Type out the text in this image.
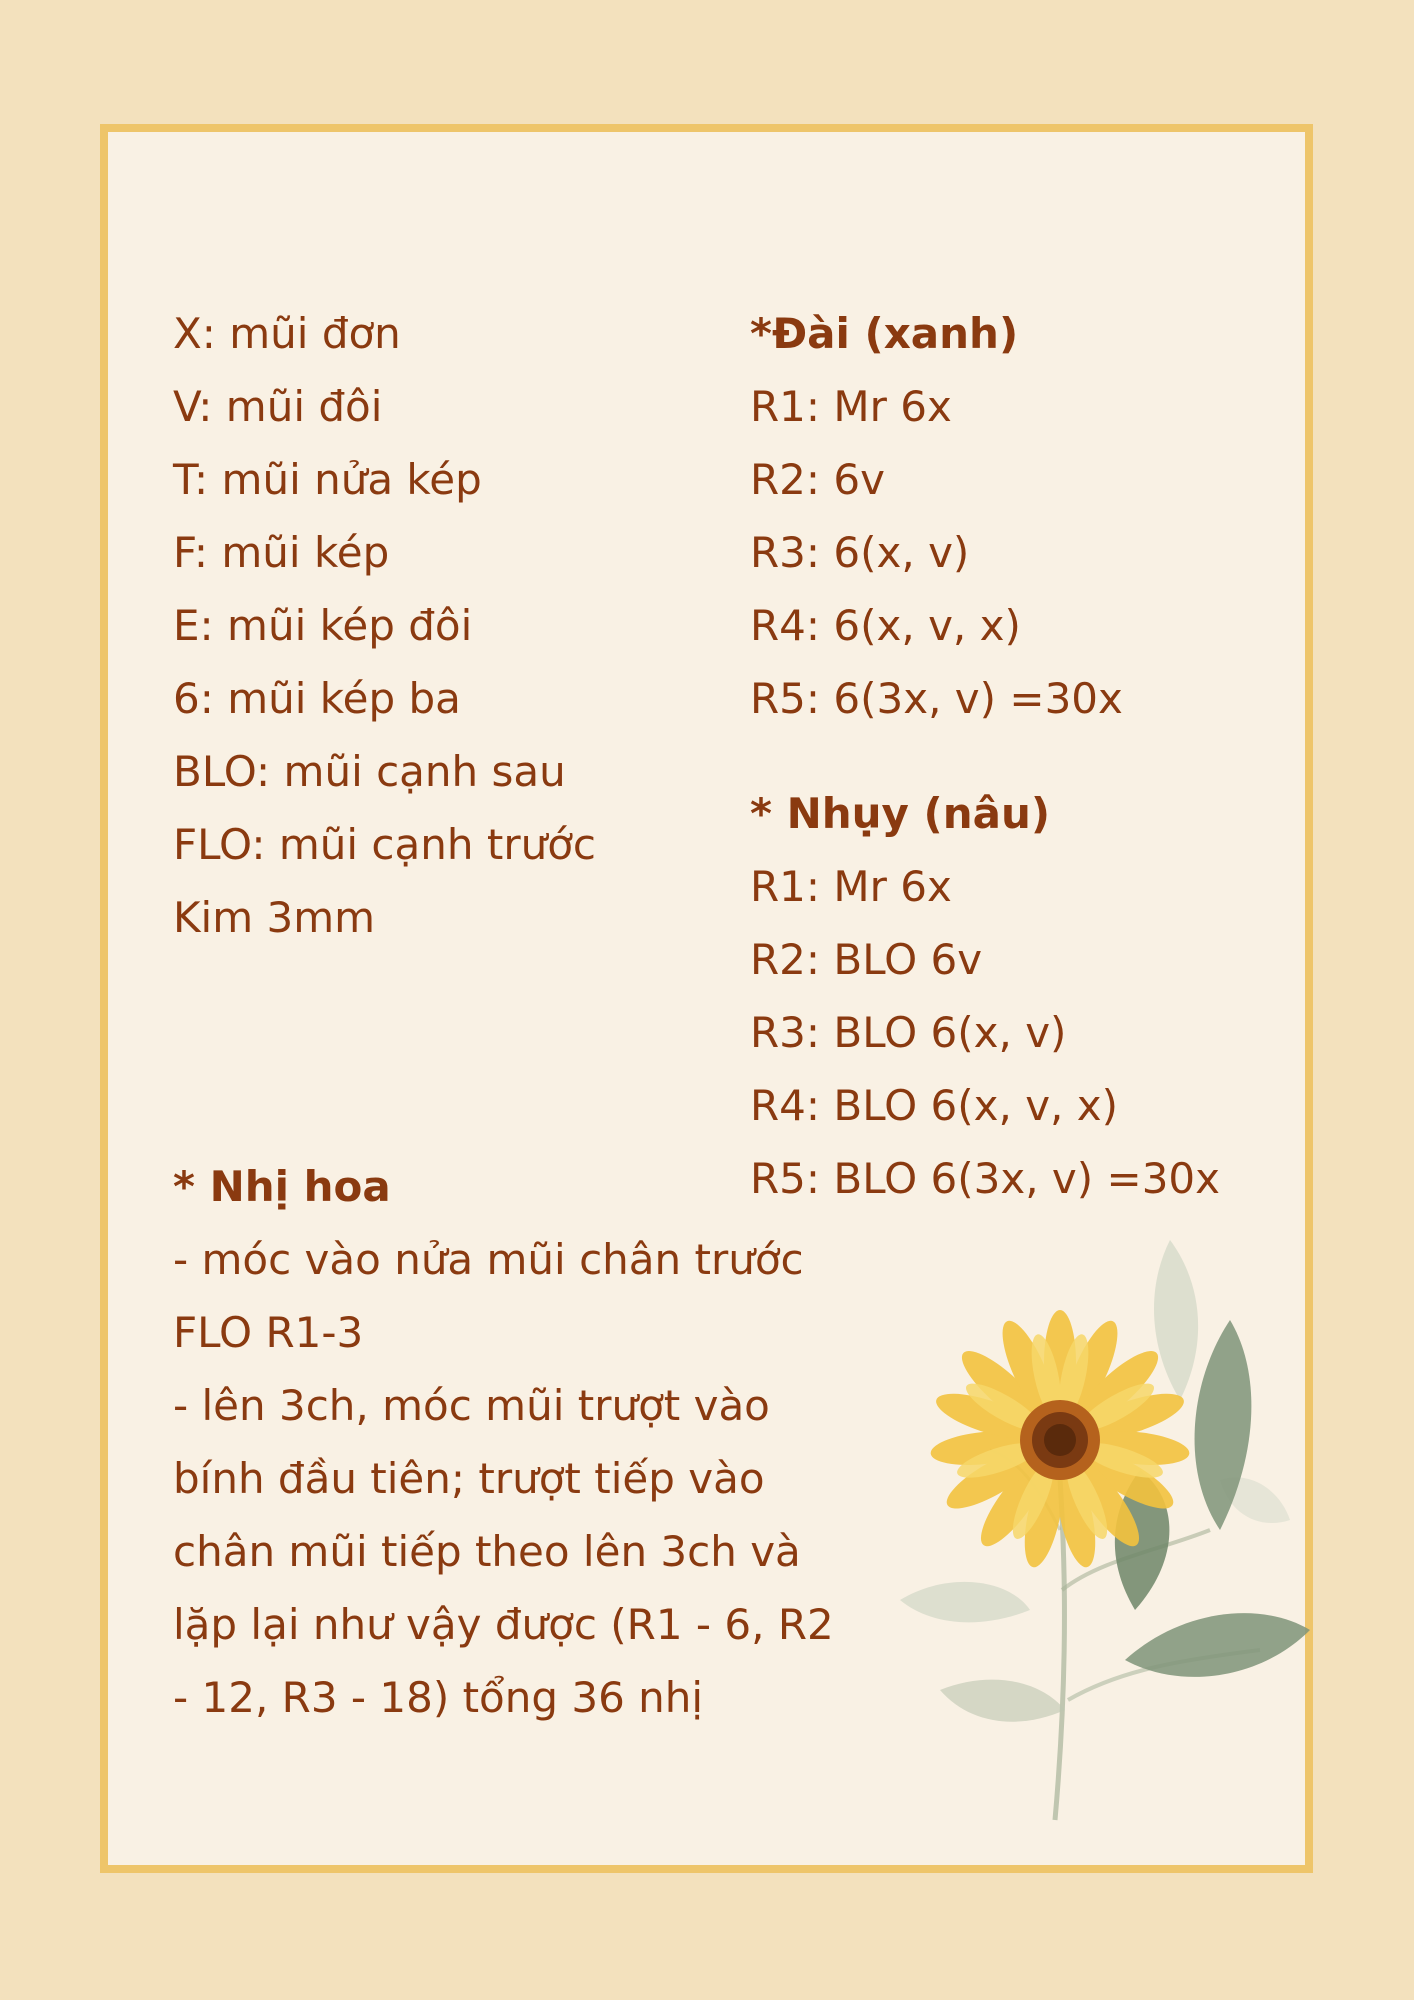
X: mũi đơn
V: mũi đôi
T: mũi nửa kép
F: mũi kép
E: mũi kép đôi
6: mũi kép ba
BLO: mũi cạnh sau
FLO: mũi cạnh trước
Kim 3mm
*Đài (xanh)
R1: Mr 6x
R2: 6v
R3: 6(x, v)
R4: 6(x, v, x)
R5: 6(3x, v) =30x
* Nhụy (nâu)
R1: Mr 6x
R2: BLO 6v
R3: BLO 6(x, v)
R4: BLO 6(x, v, x)
R5: BLO 6(3x, v) =30x
* Nhị hoa
- móc vào nửa mũi chân trước
FLO R1-3
- lên 3ch, móc mũi trượt vào
bính đầu tiên; trượt tiếp vào
chân mũi tiếp theo lên 3ch và
lặp lại như vậy được (R1 - 6, R2
- 12, R3 - 18) tổng 36 nhị
